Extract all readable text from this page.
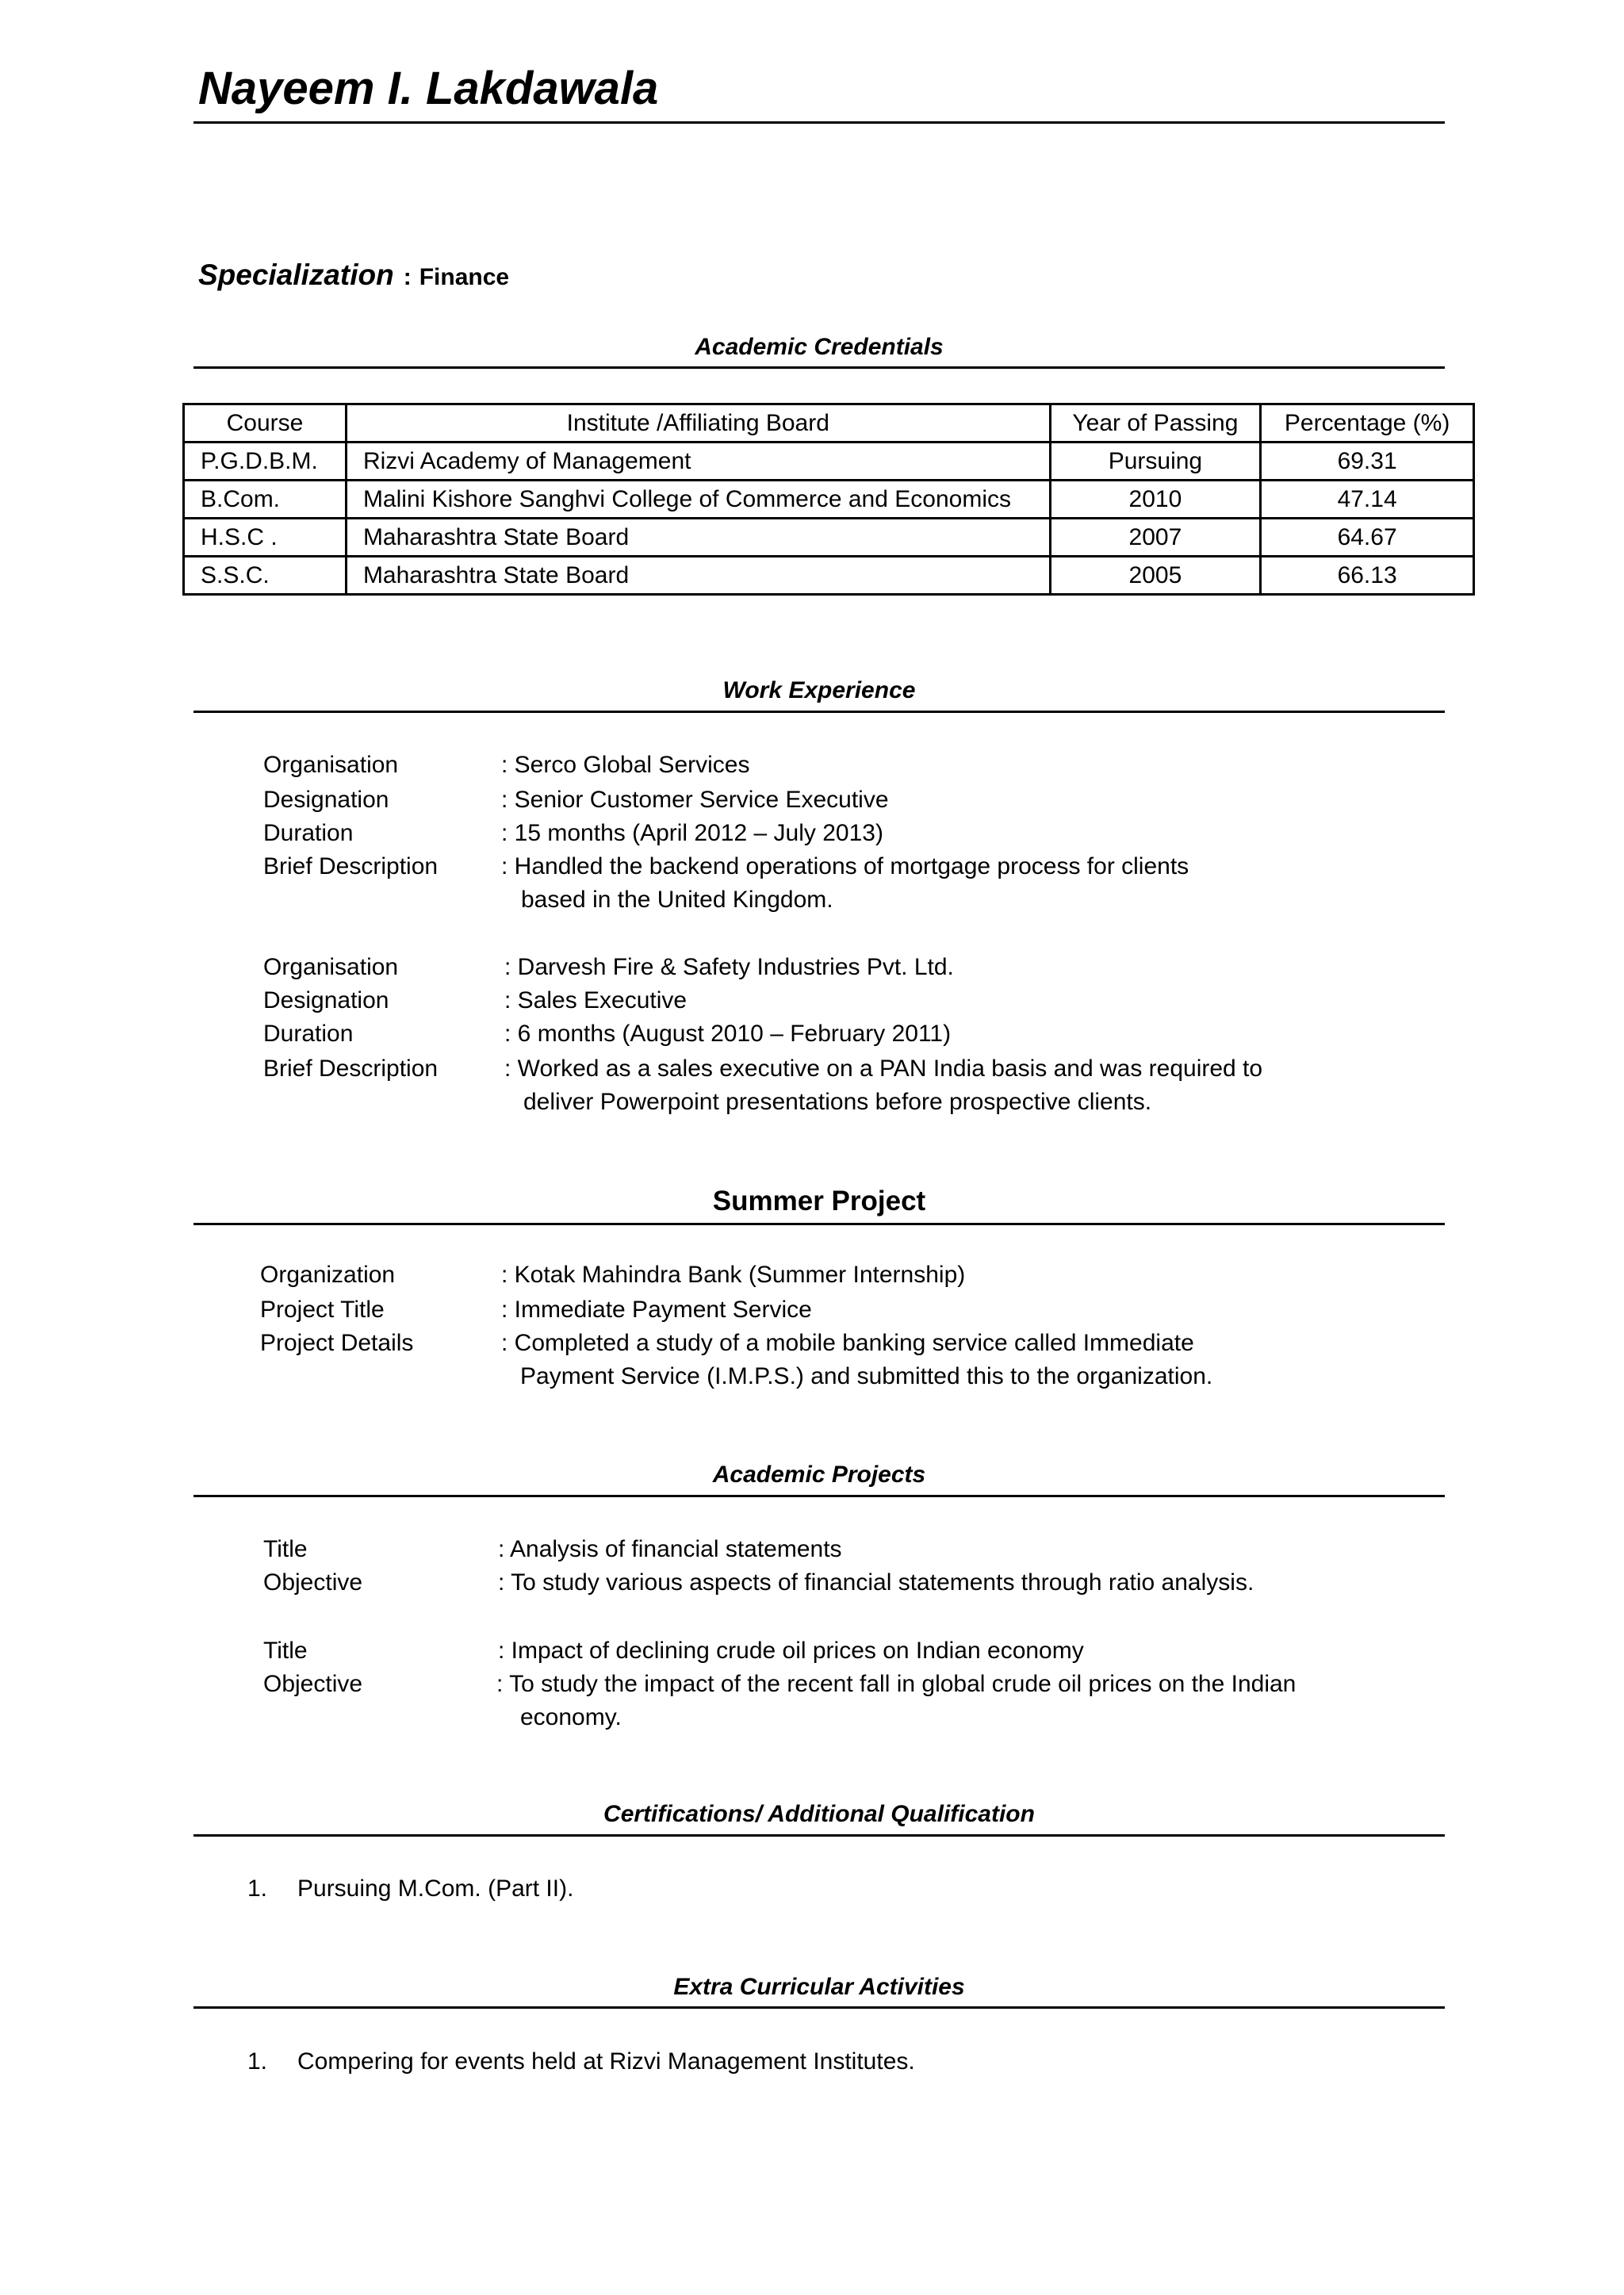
Nayeem I. Lakdawala
Specialization : Finance
Academic Credentials
Course	Institute /Affiliating Board	Year of Passing	Percentage (%)
P.G.D.B.M.	Rizvi Academy of Management	Pursuing	69.31
B.Com.	Malini Kishore Sanghvi College of Commerce and Economics	2010	47.14
H.S.C .	Maharashtra State Board	2007	64.67
S.S.C.	Maharashtra State Board	2005	66.13
Work Experience
Organisation	: Serco Global Services
Designation	: Senior Customer Service Executive
Duration	: 15 months (April 2012 – July 2013)
Brief Description	: Handled the backend operations of mortgage process for clients
based in the United Kingdom.
Organisation	: Darvesh Fire & Safety Industries Pvt. Ltd.
Designation	: Sales Executive
Duration	: 6 months (August 2010 – February 2011)
Brief Description	: Worked as a sales executive on a PAN India basis and was required to
deliver Powerpoint presentations before prospective clients.
Summer Project
Organization	: Kotak Mahindra Bank (Summer Internship)
Project Title	: Immediate Payment Service
Project Details	: Completed a study of a mobile banking service called Immediate
Payment Service (I.M.P.S.) and submitted this to the organization.
Academic Projects
Title	: Analysis of financial statements
Objective	: To study various aspects of financial statements through ratio analysis.
Title	: Impact of declining crude oil prices on Indian economy
Objective	: To study the impact of the recent fall in global crude oil prices on the Indian
economy.
Certifications/ Additional Qualification
1. Pursuing M.Com. (Part II).
Extra Curricular Activities
1. Compering for events held at Rizvi Management Institutes.
